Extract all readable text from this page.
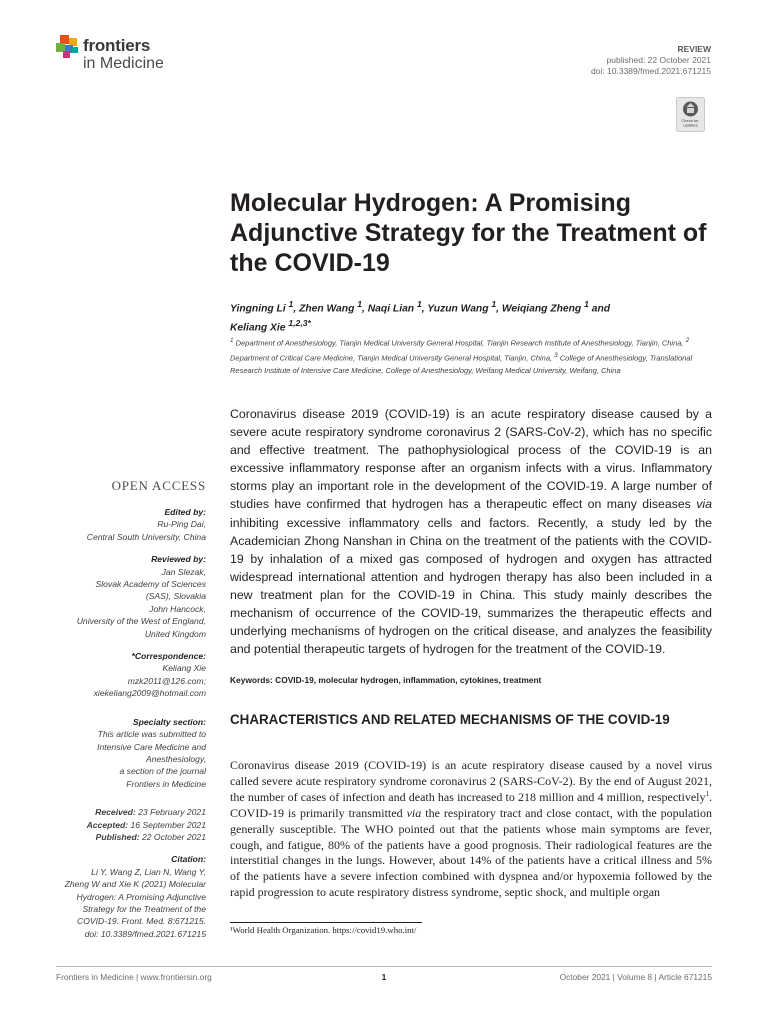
frontiers
in Medicine
REVIEW
published: 22 October 2021
doi: 10.3389/fmed.2021.671215
Check for updates
Molecular Hydrogen: A Promising Adjunctive Strategy for the Treatment of the COVID-19
Yingning Li $^1$, Zhen Wang $^1$, Naqi Lian $^1$, Yuzun Wang $^1$, Weiqiang Zheng $^1$ and
Keliang Xie $^{1,2,3*}$
$^1$ Department of Anesthesiology, Tianjin Medical University General Hospital, Tianjin Research Institute of Anesthesiology, Tianjin, China, $^2$ Department of Critical Care Medicine, Tianjin Medical University General Hospital, Tianjin, China, $^3$ College of Anesthesiology, Translational Research Institute of Intensive Care Medicine, College of Anesthesiology, Weifang Medical University, Weifang, China
OPEN ACCESS
Edited by:
Ru-Ping Dai,
Central South University, China
Reviewed by:
Jan Slezak,
Slovak Academy of Sciences
(SAS), Slovakia
John Hancock,
University of the West of England,
United Kingdom
*Correspondence:
Keliang Xie
mzk2011@126.com;
xiekeliang2009@hotmail.com
Specialty section:
This article was submitted to
Intensive Care Medicine and
Anesthesiology,
a section of the journal
Frontiers in Medicine
Received: 23 February 2021
Accepted: 16 September 2021
Published: 22 October 2021
Citation:
Li Y, Wang Z, Lian N, Wang Y,
Zheng W and Xie K (2021) Molecular
Hydrogen: A Promising Adjunctive
Strategy for the Treatment of the
COVID-19. Front. Med. 8:671215.
doi: 10.3389/fmed.2021.671215
Coronavirus disease 2019 (COVID-19) is an acute respiratory disease caused by a severe acute respiratory syndrome coronavirus 2 (SARS-CoV-2), which has no specific and effective treatment. The pathophysiological process of the COVID-19 is an excessive inflammatory response after an organism infects with a virus. Inflammatory storms play an important role in the development of the COVID-19. A large number of studies have confirmed that hydrogen has a therapeutic effect on many diseases via inhibiting excessive inflammatory cells and factors. Recently, a study led by the Academician Zhong Nanshan in China on the treatment of the patients with the COVID-19 by inhalation of a mixed gas composed of hydrogen and oxygen has attracted widespread international attention and hydrogen therapy has also been included in a new treatment plan for the COVID-19 in China. This study mainly describes the mechanism of occurrence of the COVID-19, summarizes the therapeutic effects and underlying mechanisms of hydrogen on the critical disease, and analyzes the feasibility and potential therapeutic targets of hydrogen for the treatment of the COVID-19.
Keywords: COVID-19, molecular hydrogen, inflammation, cytokines, treatment
CHARACTERISTICS AND RELATED MECHANISMS OF THE COVID-19
Coronavirus disease 2019 (COVID-19) is an acute respiratory disease caused by a novel virus called severe acute respiratory syndrome coronavirus 2 (SARS-CoV-2). By the end of August 2021, the number of cases of infection and death has increased to 218 million and 4 million, respectively$^1$. COVID-19 is primarily transmitted via the respiratory tract and close contact, with the population generally susceptible. The WHO pointed out that the patients whose main symptoms are fever, cough, and fatigue, 80% of the patients have a good prognosis. Their radiological features are the interstitial changes in the lungs. However, about 14% of the patients have a critical illness and 5% of the patients have a severe infection combined with dyspnea and/or hypoxemia followed by the rapid progression to acute respiratory distress syndrome, septic shock, and multiple organ
¹World Health Organization. https://covid19.who.int/
Frontiers in Medicine | www.frontiersin.org	1	October 2021 | Volume 8 | Article 671215
